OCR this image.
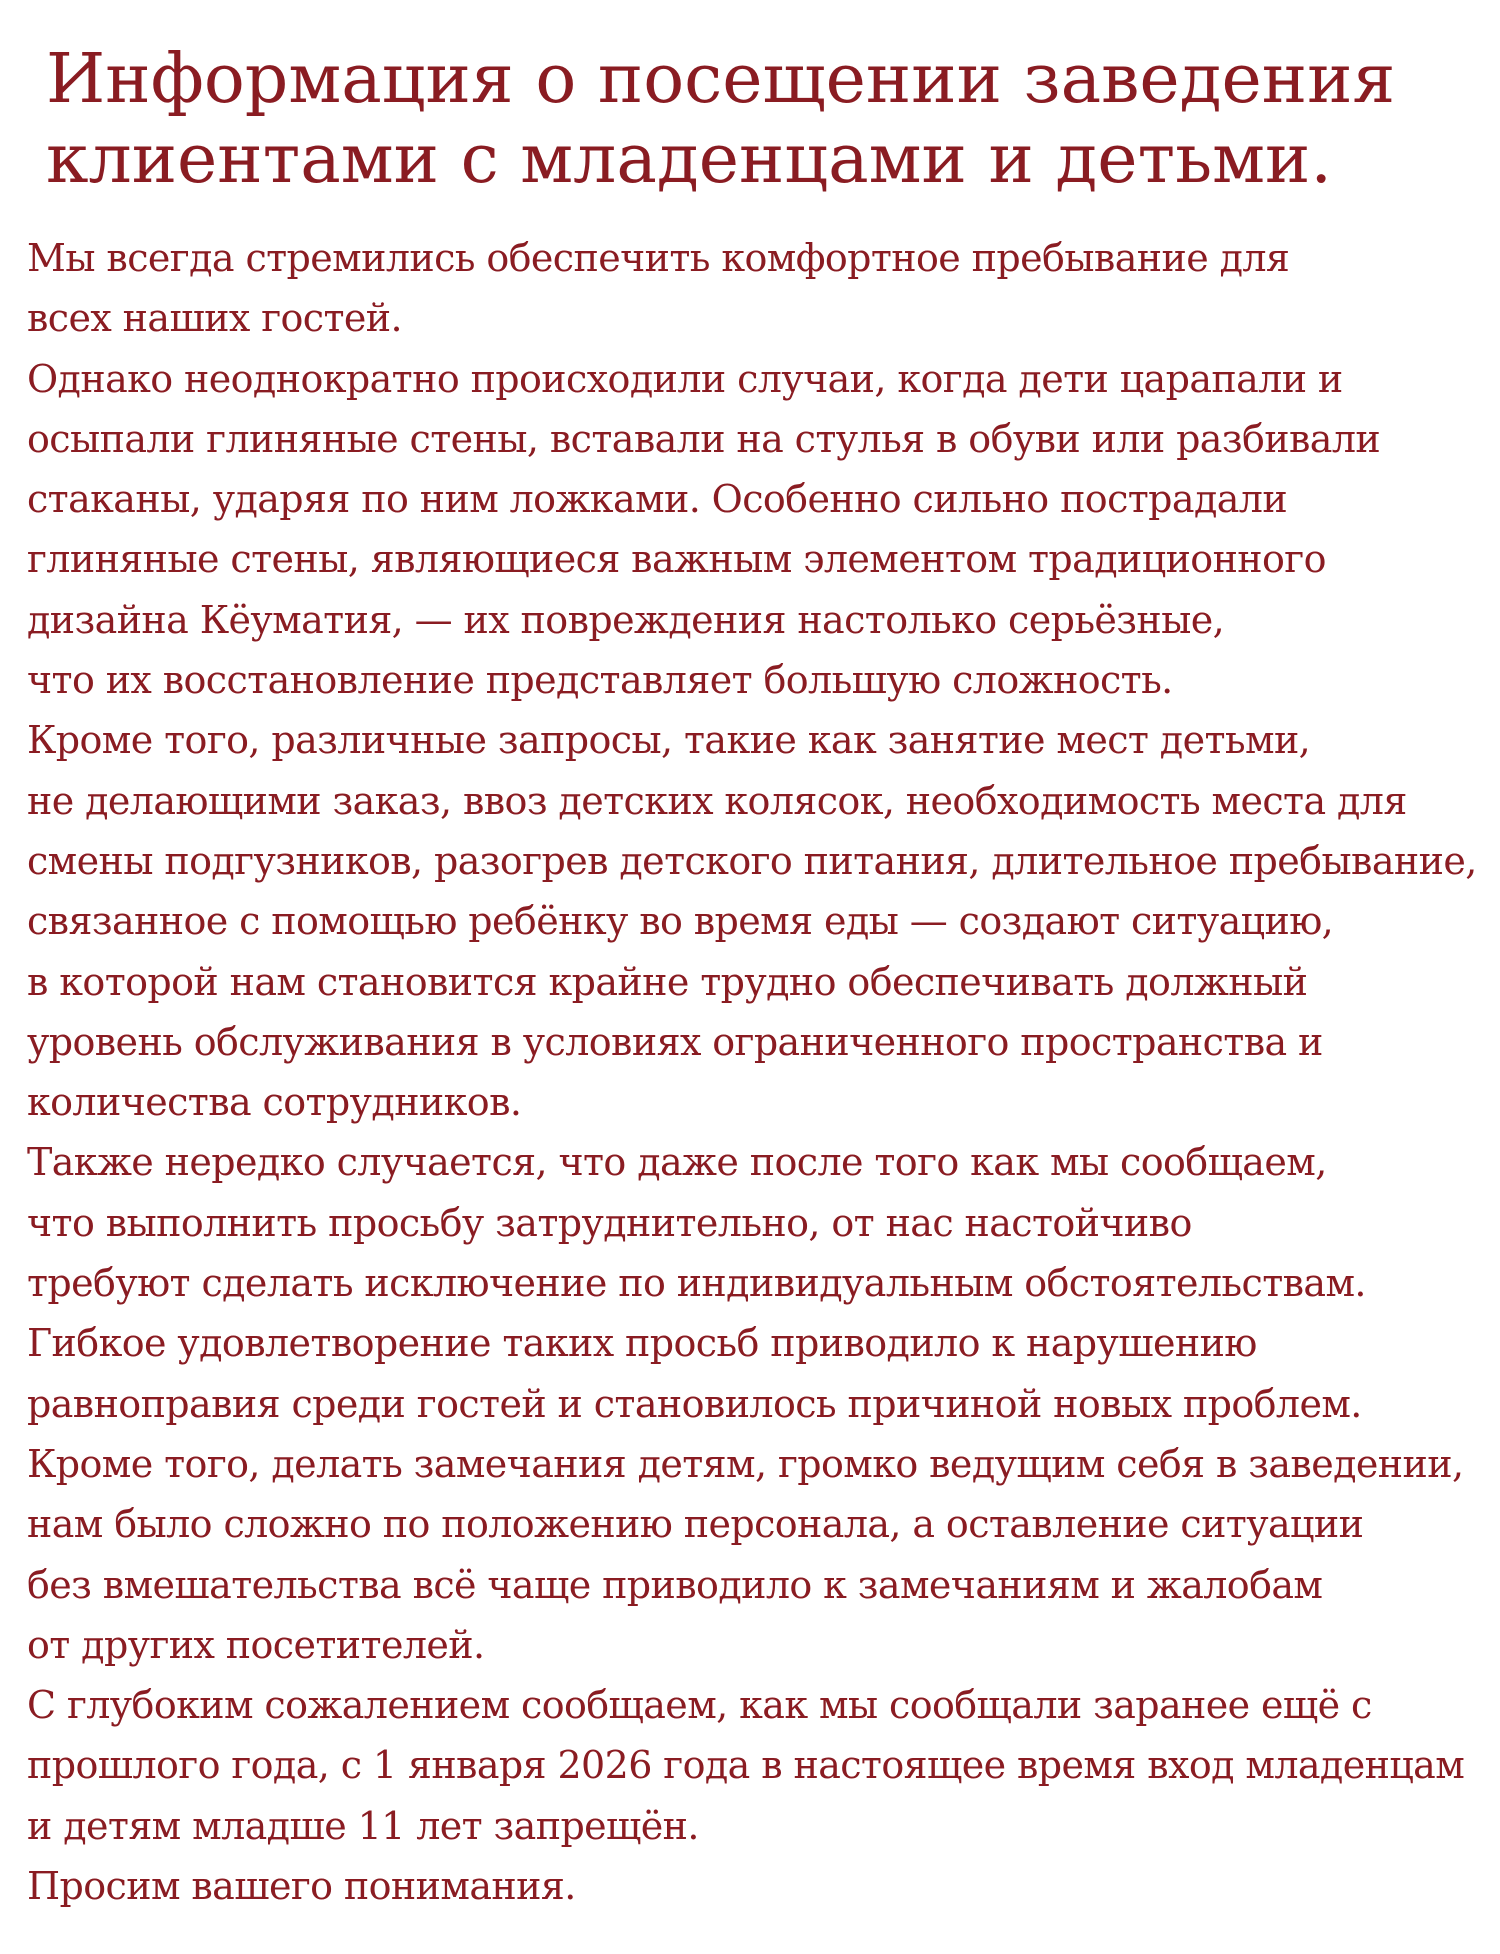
Информация о посещении заведения
клиентами с младенцами и детьми.
Мы всегда стремились обеспечить комфортное пребывание для
всех наших гостей.
Однако неоднократно происходили случаи, когда дети царапали и
осыпали глиняные стены, вставали на стулья в обуви или разбивали
стаканы, ударяя по ним ложками. Особенно сильно пострадали
глиняные стены, являющиеся важным элементом традиционного
дизайна Кёуматия, — их повреждения настолько серьёзные,
что их восстановление представляет большую сложность.
Кроме того, различные запросы, такие как занятие мест детьми,
не делающими заказ, ввоз детских колясок, необходимость места для
смены подгузников, разогрев детского питания, длительное пребывание,
связанное с помощью ребёнку во время еды — создают ситуацию,
в которой нам становится крайне трудно обеспечивать должный
уровень обслуживания в условиях ограниченного пространства и
количества сотрудников.
Также нередко случается, что даже после того как мы сообщаем,
что выполнить просьбу затруднительно, от нас настойчиво
требуют сделать исключение по индивидуальным обстоятельствам.
Гибкое удовлетворение таких просьб приводило к нарушению
равноправия среди гостей и становилось причиной новых проблем.
Кроме того, делать замечания детям, громко ведущим себя в заведении,
нам было сложно по положению персонала, а оставление ситуации
без вмешательства всё чаще приводило к замечаниям и жалобам
от других посетителей.
С глубоким сожалением сообщаем, как мы сообщали заранее ещё с
прошлого года, с 1 января 2026 года в настоящее время вход младенцам
и детям младше 11 лет запрещён.
Просим вашего понимания.
